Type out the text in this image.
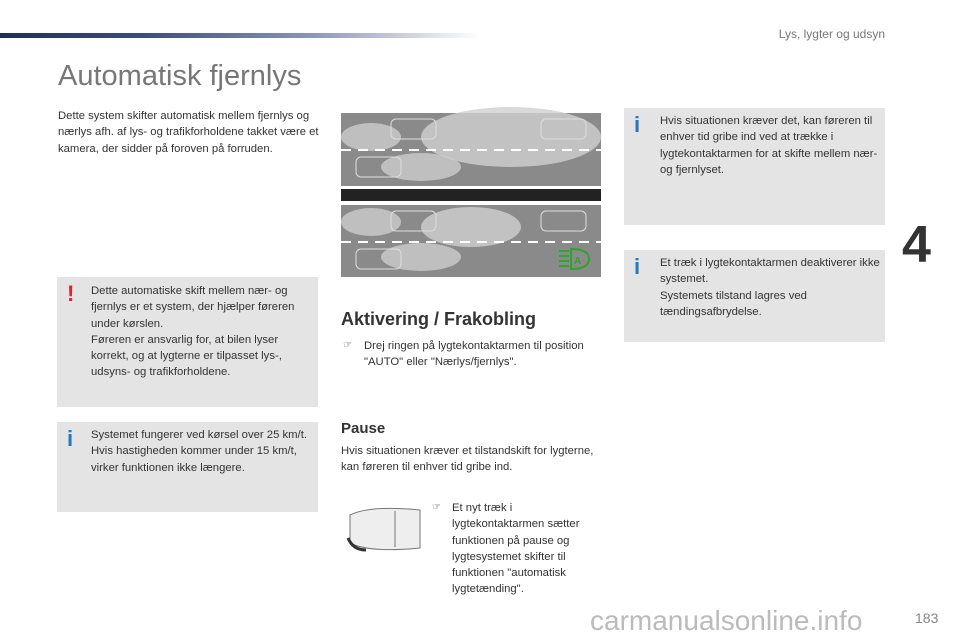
Lys, lygter og udsyn
Automatisk fjernlys

Dette system skifter automatisk mellem fjernlys og nærlys afh. af lys- og trafikforholdene takket være et kamera, der sidder på foroven på forruden.

! Dette automatiske skift mellem nær- og fjernlys er et system, der hjælper føreren under kørslen.

Føreren er ansvarlig for, at bilen lyser korrekt, og at lygterne er tilpasset lys-, udsyns- og trafikforholdene.

i Systemet fungerer ved kørsel over 25 km/t.

Hvis hastigheden kommer under 15 km/t, virker funktionen ikke længere.

A
Aktivering / Frakobling
☞ Drej ringen på lygtekontaktarmen til position "AUTO" eller "Nærlys/fjernlys".

Pause

Hvis situationen kræver et tilstandskift for lygterne, kan føreren til enhver tid gribe ind.

☞ Et nyt træk i lygtekontaktarmen sætter funktionen på pause og lygtesystemet skifter til funktionen "automatisk lygtetænding".

i Hvis situationen kræver det, kan føreren til enhver tid gribe ind ved at trække i lygtekontaktarmen for at skifte mellem nær- og fjernlyset.

i Et træk i lygtekontaktarmen deaktiverer ikke systemet.

Systemets tilstand lagres ved tændingsafbrydelse.

4
carmanualsonline.info	183
